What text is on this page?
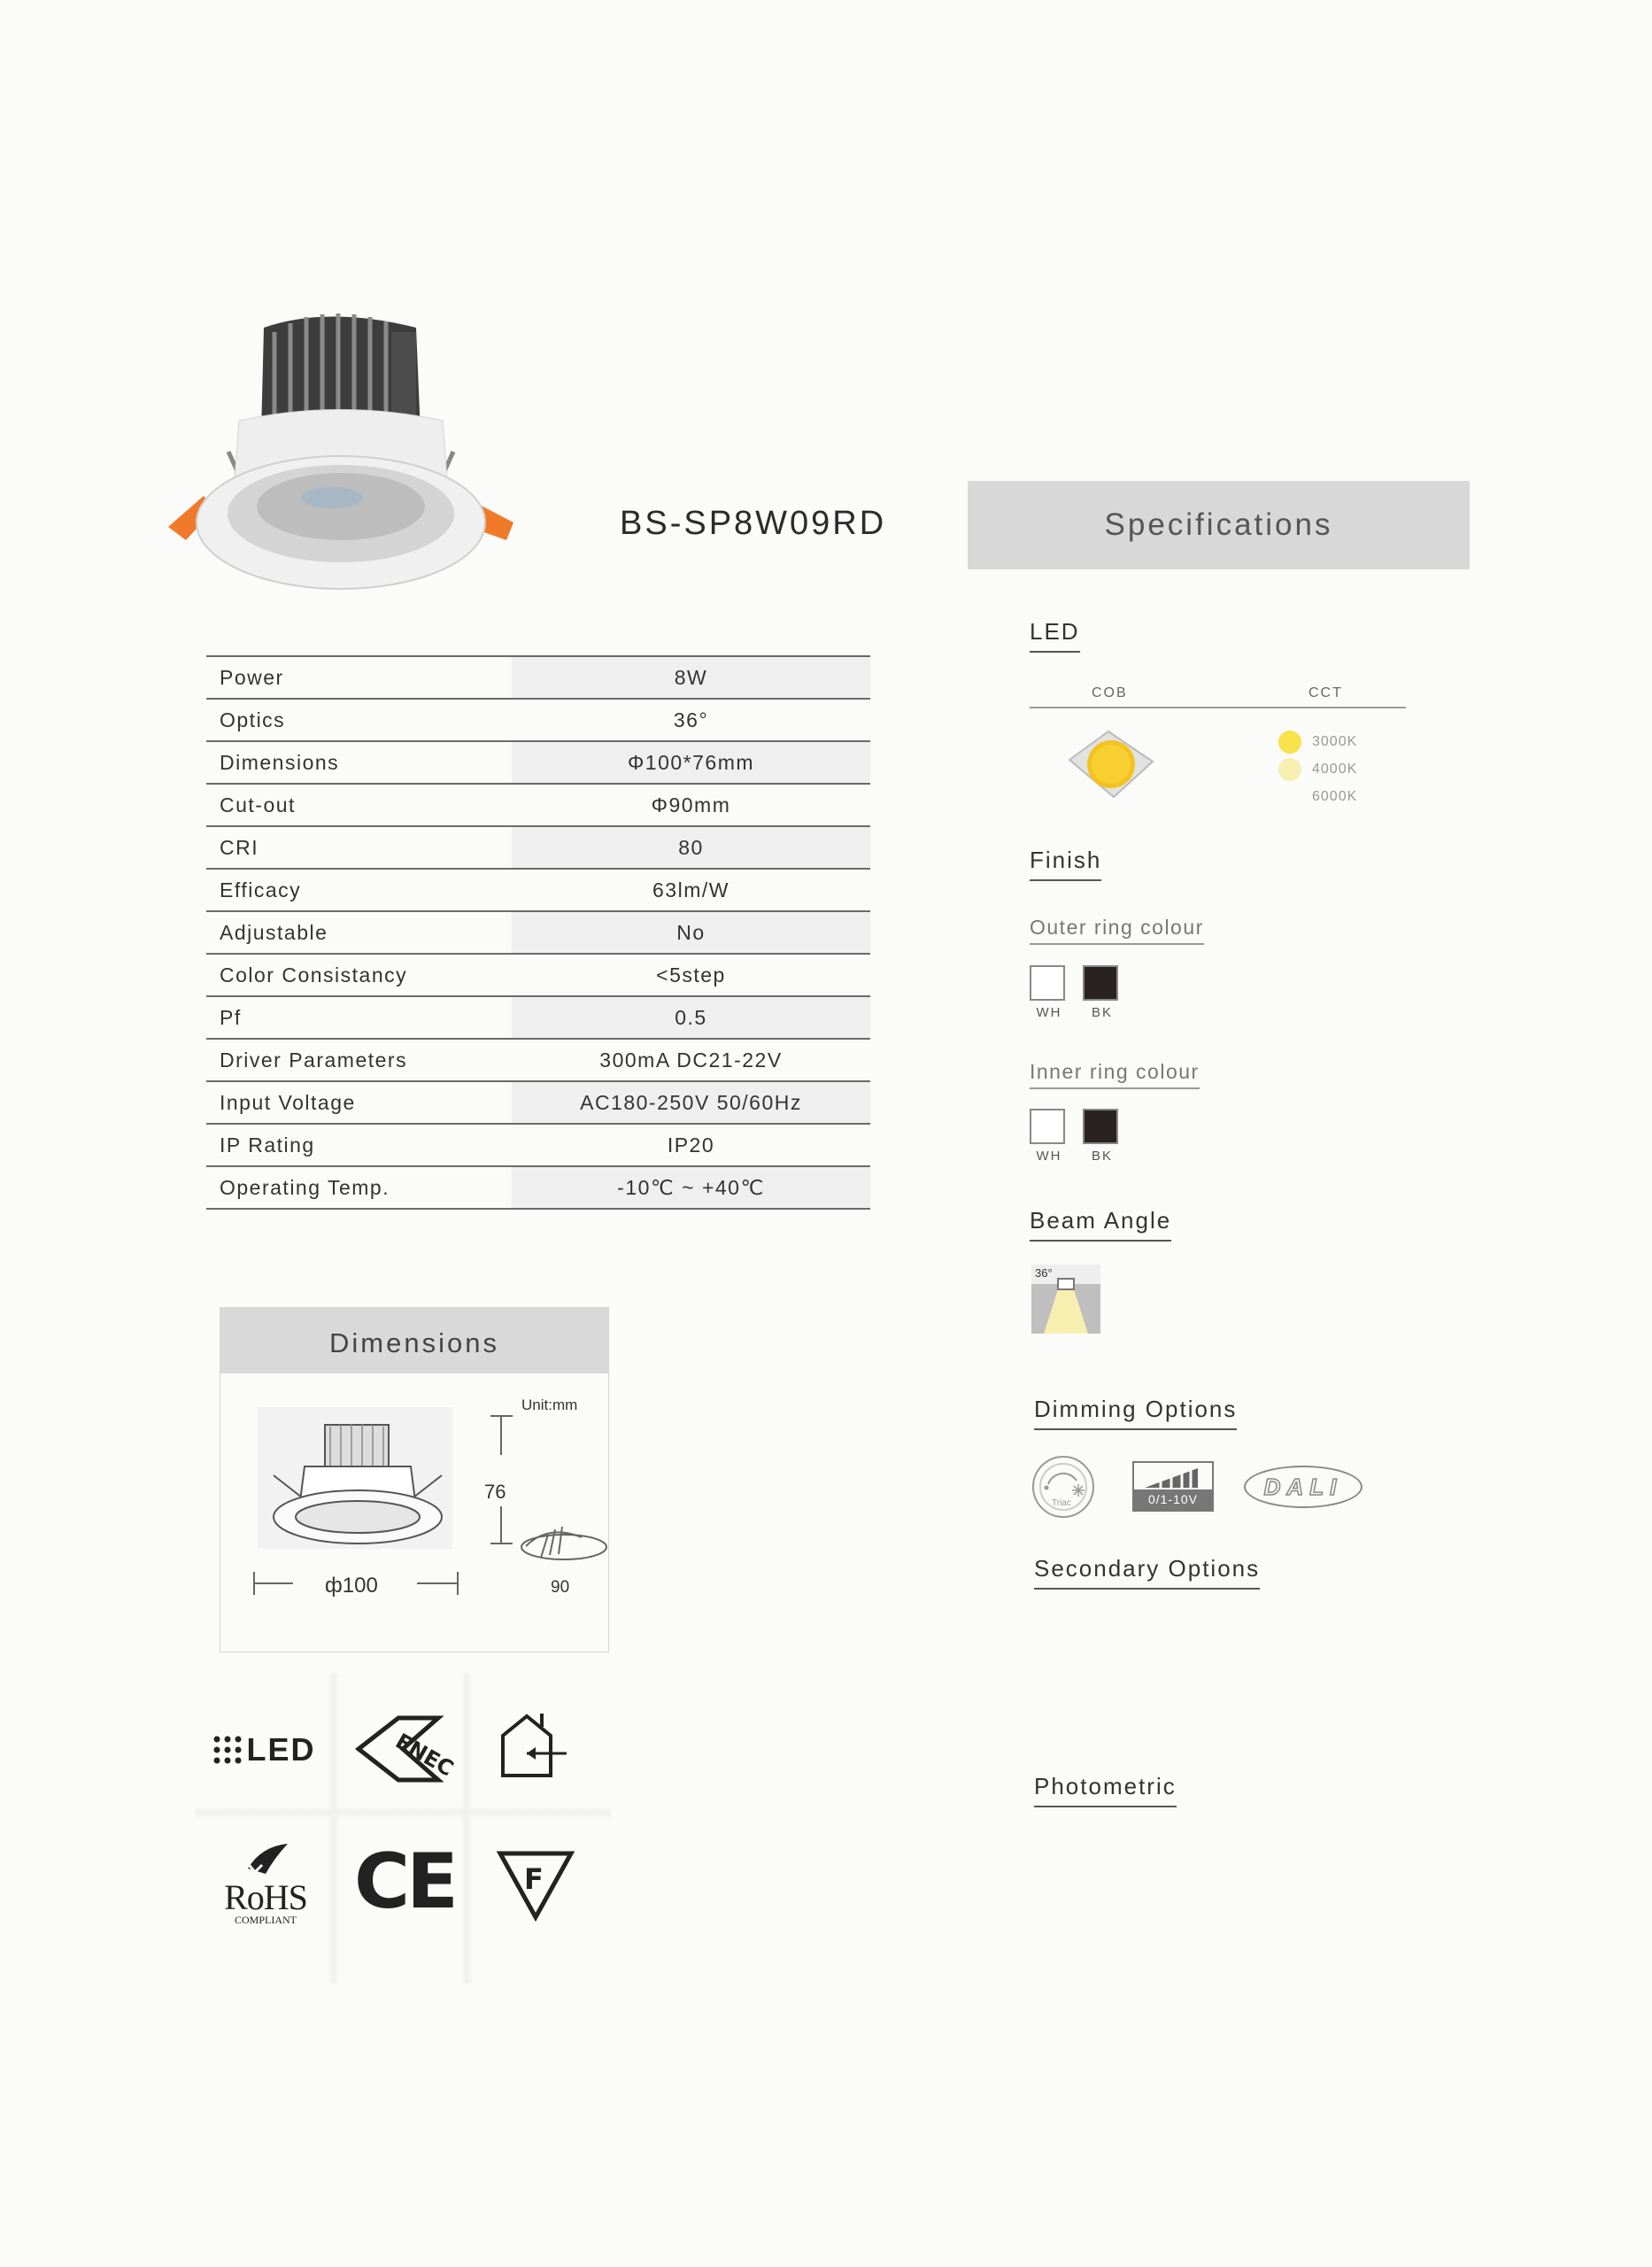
BS-SP8W09RD
Power	8W
Optics	36°
Dimensions	Φ100*76mm
Cut-out	Φ90mm
CRI	80
Efficacy	63lm/W
Adjustable	No
Color Consistancy	<5step
Pf	0.5
Driver Parameters	300mA DC21-22V
Input Voltage	AC180-250V 50/60Hz
IP Rating	IP20
Operating Temp.	-10℃ ~ +40℃
Dimensions
Unit:mm
76
ф100	90
LED	ENEC
RoHS
COMPLIANT CE F
Specifications
LED
COB	CCT
3000K
4000K
6000K
Finish
Outer ring colour
WH	BK
Inner ring colour
WH	BK
Beam Angle
36°
Dimming Options
Triac	0/1-10V	DALI
Secondary Options
Photometric
